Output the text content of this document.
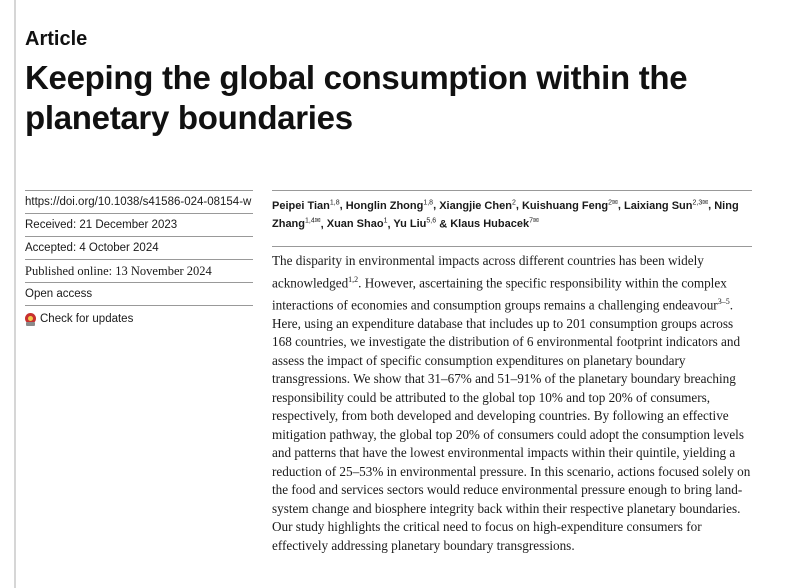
Article
Keeping the global consumption within the planetary boundaries
https://doi.org/10.1038/s41586-024-08154-w
Received: 21 December 2023
Accepted: 4 October 2024
Published online: 13 November 2024
Open access
Check for updates
Peipei Tian$^{1,8}$, Honglin Zhong$^{1,8}$, Xiangjie Chen$^2$, Kuishuang Feng$^{2✉}$, Laixiang Sun$^{2,3✉}$, Ning Zhang$^{1,4✉}$, Xuan Shao$^1$, Yu Liu$^{5,6}$ & Klaus Hubacek$^{7✉}$

The disparity in environmental impacts across different countries has been widely acknowledged$^{1,2}$. However, ascertaining the specific responsibility within the complex interactions of economies and consumption groups remains a challenging endeavour$^{3-5}$. Here, using an expenditure database that includes up to 201 consumption groups across 168 countries, we investigate the distribution of 6 environmental footprint indicators and assess the impact of specific consumption expenditures on planetary boundary transgressions. We show that 31–67% and 51–91% of the planetary boundary breaching responsibility could be attributed to the global top 10% and top 20% of consumers, respectively, from both developed and developing countries. By following an effective mitigation pathway, the global top 20% of consumers could adopt the consumption levels and patterns that have the lowest environmental impacts within their quintile, yielding a reduction of 25–53% in environmental pressure. In this scenario, actions focused solely on the food and services sectors would reduce environmental pressure enough to bring land-system change and biosphere integrity back within their respective planetary boundaries. Our study highlights the critical need to focus on high-expenditure consumers for effectively addressing planetary boundary transgressions.
